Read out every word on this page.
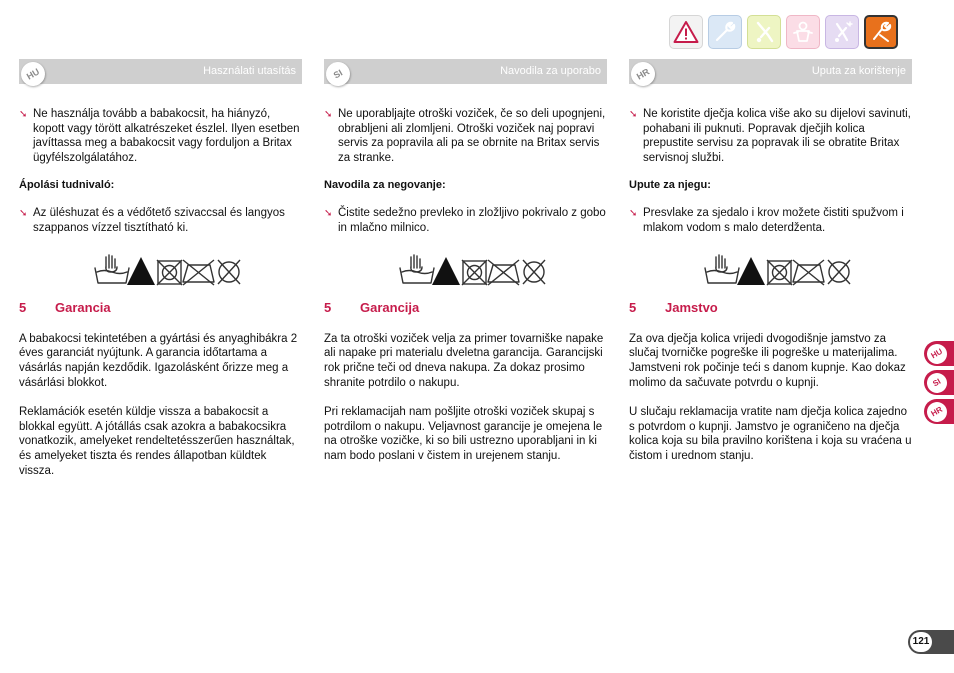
HU	Használati utasítás
➘ Ne használja tovább a babakocsit, ha hiányzó, kopott vagy törött alkatrészeket észlel. Ilyen esetben javíttassa meg a babakocsit vagy forduljon a Britax ügyfélszolgálatához.
Ápolási tudnivaló:
➘ Az üléshuzat és a védőtető szivaccsal és langyos szappanos vízzel tisztítható ki.
5	Garancia
A babakocsi tekintetében a gyártási és anyaghibákra 2 éves garanciát nyújtunk. A garancia időtartama a vásárlás napján kezdődik. Igazolásként őrizze meg a vásárlási blokkot.
Reklamációk esetén küldje vissza a babakocsit a blokkal együtt. A jótállás csak azokra a babakocsikra vonatkozik, amelyeket rendeltetésszerűen használtak, és amelyeket tiszta és rendes állapotban küldtek vissza.
SI	Navodila za uporabo
➘ Ne uporabljajte otroški voziček, če so deli upognjeni, obrabljeni ali zlomljeni. Otroški voziček naj popravi servis za popravila ali pa se obrnite na Britax servis za stranke.
Navodila za negovanje:
➘ Čistite sedežno prevleko in zložljivo pokrivalo z gobo in mlačno milnico.
5	Garancija
Za ta otroški voziček velja za primer tovarniške napake ali napake pri materialu dveletna garancija. Garancijski rok prične teči od dneva nakupa. Za dokaz prosimo shranite potrdilo o nakupu.
Pri reklamacijah nam pošljite otroški voziček skupaj s potrdilom o nakupu. Veljavnost garancije je omejena le na otroške vozičke, ki so bili ustrezno uporabljani in ki nam bodo poslani v čistem in urejenem stanju.
HR	Uputa za korištenje
➘ Ne koristite dječja kolica više ako su dijelovi savinuti, pohabani ili puknuti. Popravak dječjih kolica prepustite servisu za popravak ili se obratite Britax servisnoj službi.
Upute za njegu:
➘ Presvlake za sjedalo i krov možete čistiti spužvom i mlakom vodom s malo deterdženta.
5	Jamstvo
Za ova dječja kolica vrijedi dvogodišnje jamstvo za slučaj tvorničke pogreške ili pogreške u materijalima. Jamstveni rok počinje teći s danom kupnje. Kao dokaz molimo da sačuvate potvrdu o kupnji.
U slučaju reklamacija vratite nam dječja kolica zajedno s potvrdom o kupnji. Jamstvo je ograničeno na dječja kolica koja su bila pravilno korištena i koja su vraćena u čistom i urednom stanju.
HU
SI
HR
121
